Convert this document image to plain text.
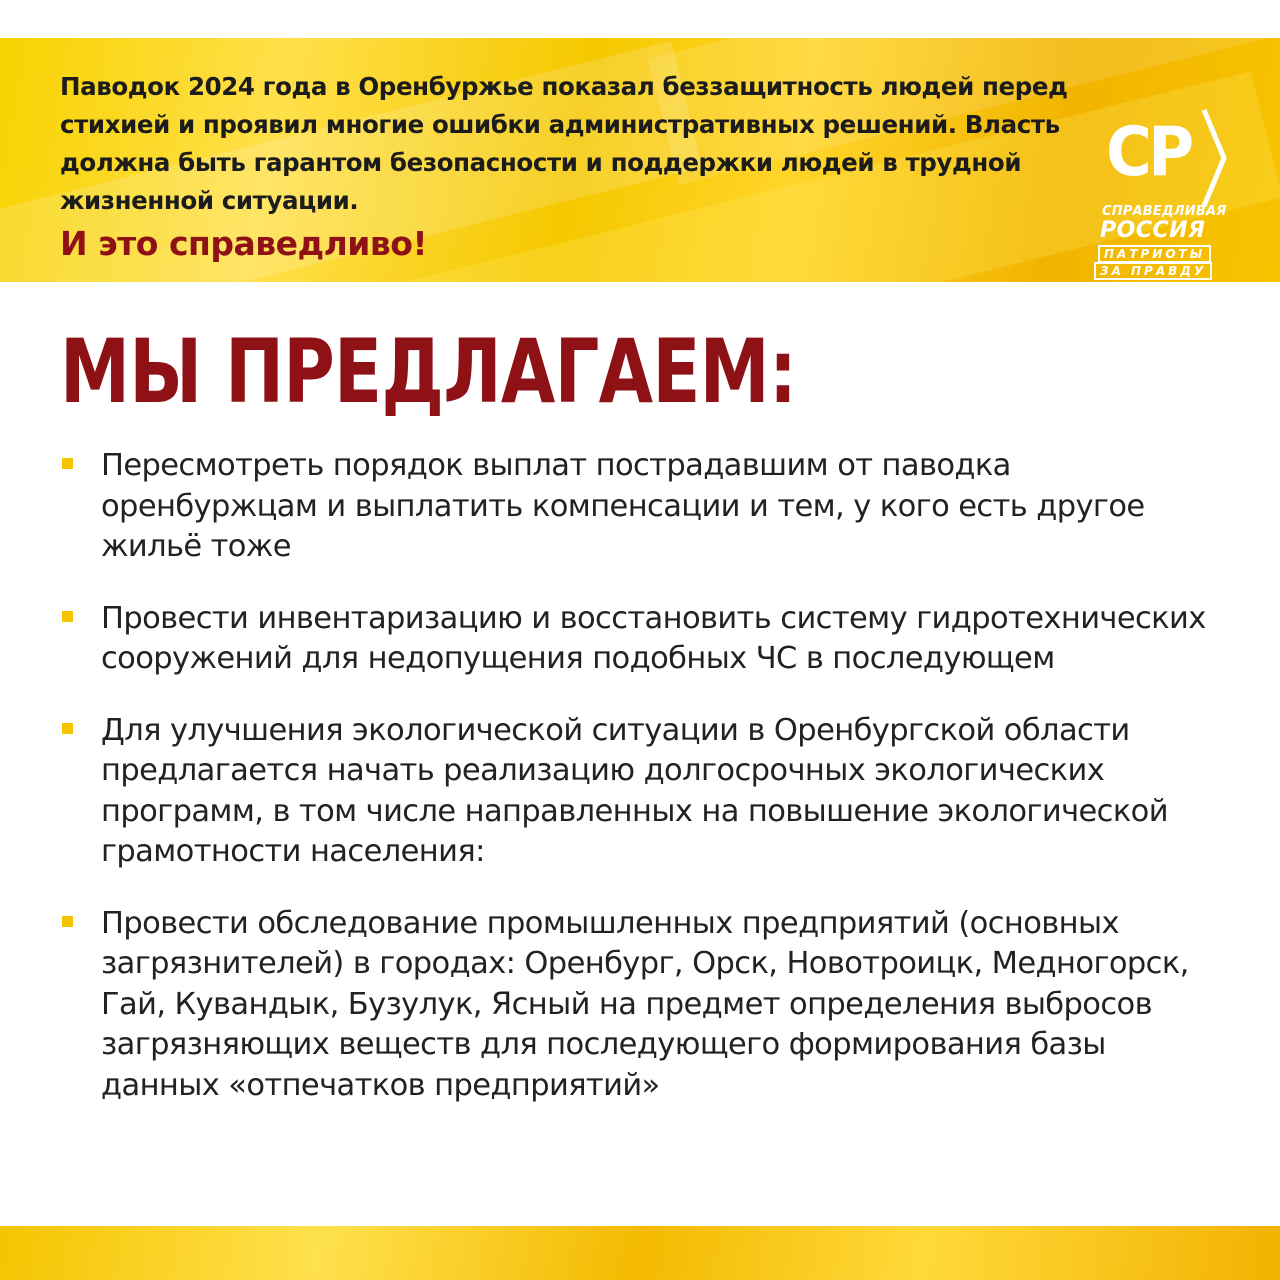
Паводок 2024 года в Оренбуржье показал беззащитность людей перед стихией и проявил многие ошибки административных решений. Власть должна быть гарантом безопасности и поддержки людей в трудной жизненной ситуации.

И это справедливо!

СР
СПРАВЕДЛИВАЯ
РОССИЯ
ПАТРИОТЫ
ЗА ПРАВДУ
МЫ ПРЕДЛАГАЕМ:

Пересмотреть порядок выплат пострадавшим от паводка оренбуржцам и выплатить компенсации и тем, у кого есть другое жильё тоже

Провести инвентаризацию и восстановить систему гидротехнических сооружений для недопущения подобных ЧС в последующем

Для улучшения экологической ситуации в Оренбургской области предлагается начать реализацию долгосрочных экологических программ, в том числе направленных на повышение экологической грамотности населения:

Провести обследование промышленных предприятий (основных загрязнителей) в городах: Оренбург, Орск, Новотроицк, Медногорск, Гай, Кувандык, Бузулук, Ясный на предмет определения выбросов загрязняющих веществ для последующего формирования базы данных «отпечатков предприятий»
